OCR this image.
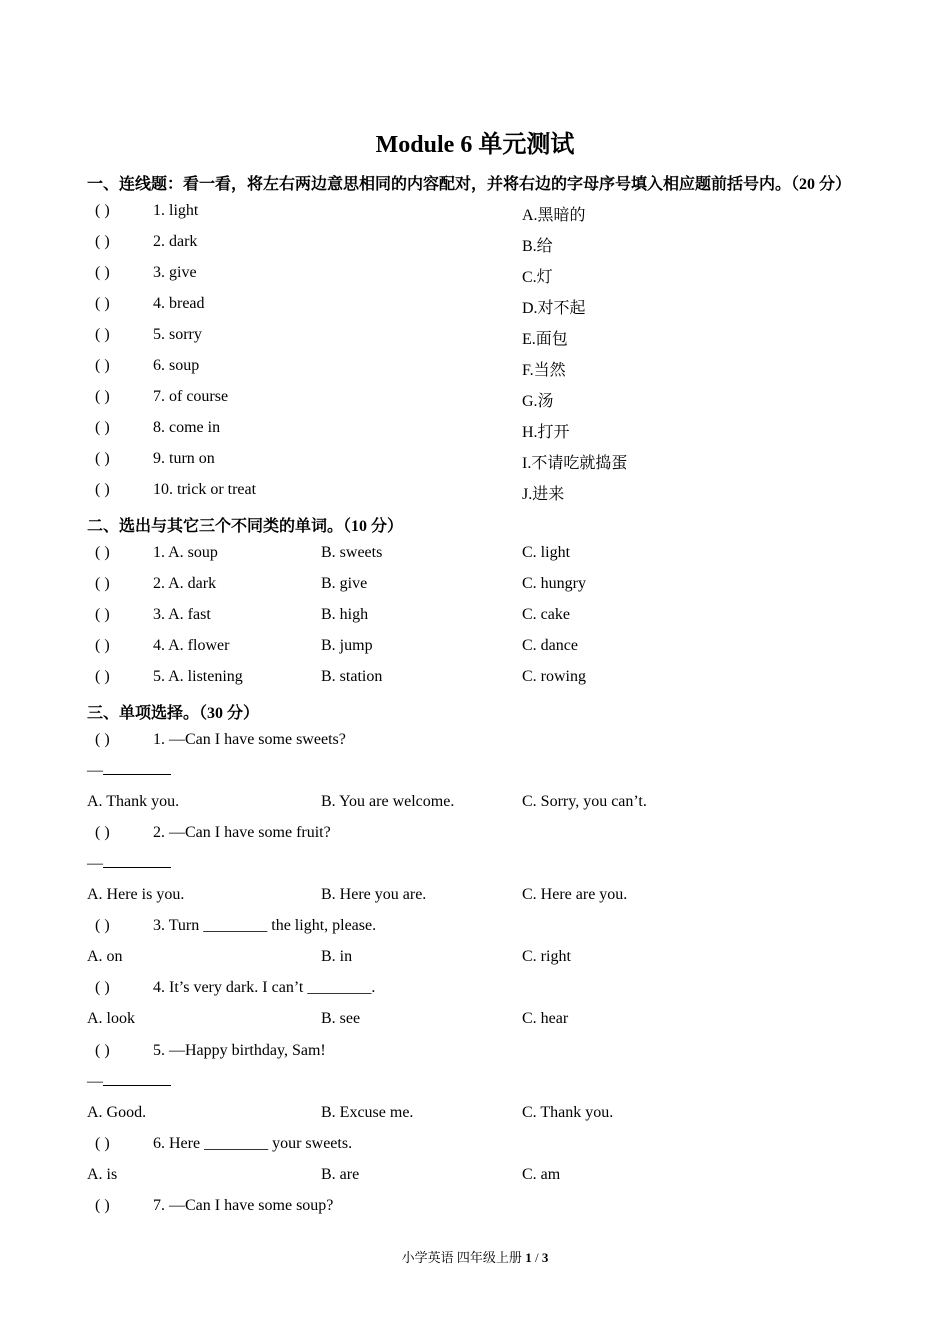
Module 6 单元测试
一、连线题：看一看，将左右两边意思相同的内容配对，并将右边的字母序号填入相应题前括号内。（20 分）
( )	1. light	A.黑暗的
( )	2. dark	B.给
( )	3. give	C.灯
( )	4. bread	D.对不起
( )	5. sorry	E.面包
( )	6. soup	F.当然
( )	7. of course	G.汤
( )	8. come in	H.打开
( )	9. turn on	I.不请吃就捣蛋
( )	10. trick or treat	J.进来
二、选出与其它三个不同类的单词。（10 分）
( )	1. A. soup	B. sweets	C. light
( )	2. A. dark	B. give	C. hungry
( )	3. A. fast	B. high	C. cake
( )	4. A. flower	B. jump	C. dance
( )	5. A. listening	B. station	C. rowing
三、单项选择。（30 分）
( )	1. —Can I have some sweets?
—
A. Thank you.	B. You are welcome.	C. Sorry, you can’t.
( )	2. —Can I have some fruit?
—
A. Here is you.	B. Here you are.	C. Here are you.
( )	3. Turn ________ the light, please.
A. on	B. in	C. right
( )	4. It’s very dark. I can’t ________.
A. look	B. see	C. hear
( )	5. —Happy birthday, Sam!
—
A. Good.	B. Excuse me.	C. Thank you.
( )	6. Here ________ your sweets.
A. is	B. are	C. am
( )	7. —Can I have some soup?
小学英语 四年级上册 1 / 3
